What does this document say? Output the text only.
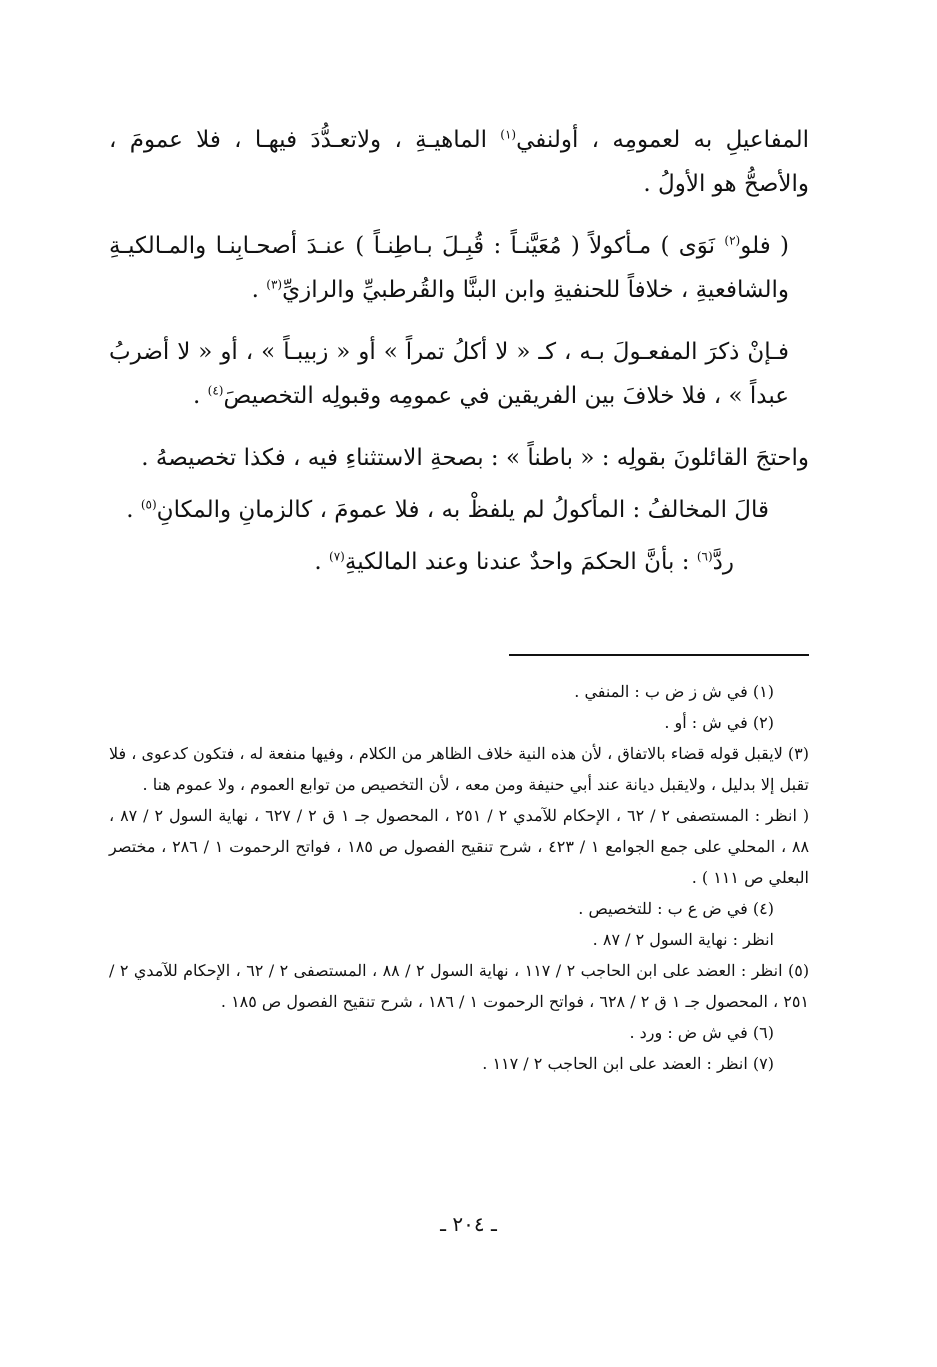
المفاعيلِ به لعمومِه ، أولنفي$^{(١)}$ الماهيـةِ ، ولاتعـدُّدَ فيهـا ، فلا عمومَ ، والأصحُّ هو الأولُ .

( فلو$^{(٢)}$ نَوَى ) مـأكولاً ( مُعَيَّنـاً : قُبِـلَ بـاطِنـاً ) عنـدَ أصحـابِنـا والمـالكيـةِ والشافعيةِ ، خلافاً للحنفيةِ وابن البنَّا والقُرطبيِّ والرازيِّ$^{(٣)}$ .

فـإنْ ذكرَ المفعـولَ بـه ، كـ « لا أكلُ تمراً » أو « زبيبـاً » ، أو « لا أضربُ عبداً » ، فلا خلافَ بين الفريقين في عمومِه وقبولِه التخصيصَ$^{(٤)}$ .

واحتجَ القائلونَ بقولِه : « باطناً » : بصحةِ الاستثناءِ فيه ، فكذا تخصيصهُ .

قالَ المخالفُ : المأكولُ لم يلفظْ به ، فلا عمومَ ، كالزمانِ والمكانِ$^{(٥)}$ .

ردَّ$^{(٦)}$ : بأنَّ الحكمَ واحدٌ عندنا وعند المالكيةِ$^{(٧)}$ .

(١) في ش ز ض ب : المنفي .

(٢) في ش : أو .

(٣) لايقبل قوله قضاء بالاتفاق ، لأن هذه النية خلاف الظاهر من الكلام ، وفيها منفعة له ، فتكون كدعوى ، فلا تقبل إلا بدليل ، ولايقبل ديانة عند أبي حنيفة ومن معه ، لأن التخصيص من توابع العموم ، ولا عموم هنا .

( انظر : المستصفى ٢ / ٦٢ ، الإحكام للآمدي ٢ / ٢٥١ ، المحصول جـ ١ ق ٢ / ٦٢٧ ، نهاية السول ٢ / ٨٧ ، ٨٨ ، المحلي على جمع الجوامع ١ / ٤٢٣ ، شرح تنقيح الفصول ص ١٨٥ ، فواتح الرحموت ١ / ٢٨٦ ، مختصر البعلي ص ١١١ ) .

(٤) في ض ع ب : للتخصيص .

انظر : نهاية السول ٢ / ٨٧ .

(٥) انظر : العضد على ابن الحاجب ٢ / ١١٧ ، نهاية السول ٢ / ٨٨ ، المستصفى ٢ / ٦٢ ، الإحكام للآمدي ٢ / ٢٥١ ، المحصول جـ ١ ق ٢ / ٦٢٨ ، فواتح الرحموت ١ / ١٨٦ ، شرح تنقيح الفصول ص ١٨٥ .

(٦) في ش ض : ورد .

(٧) انظر : العضد على ابن الحاجب ٢ / ١١٧ .

ـ ٢٠٤ ـ
